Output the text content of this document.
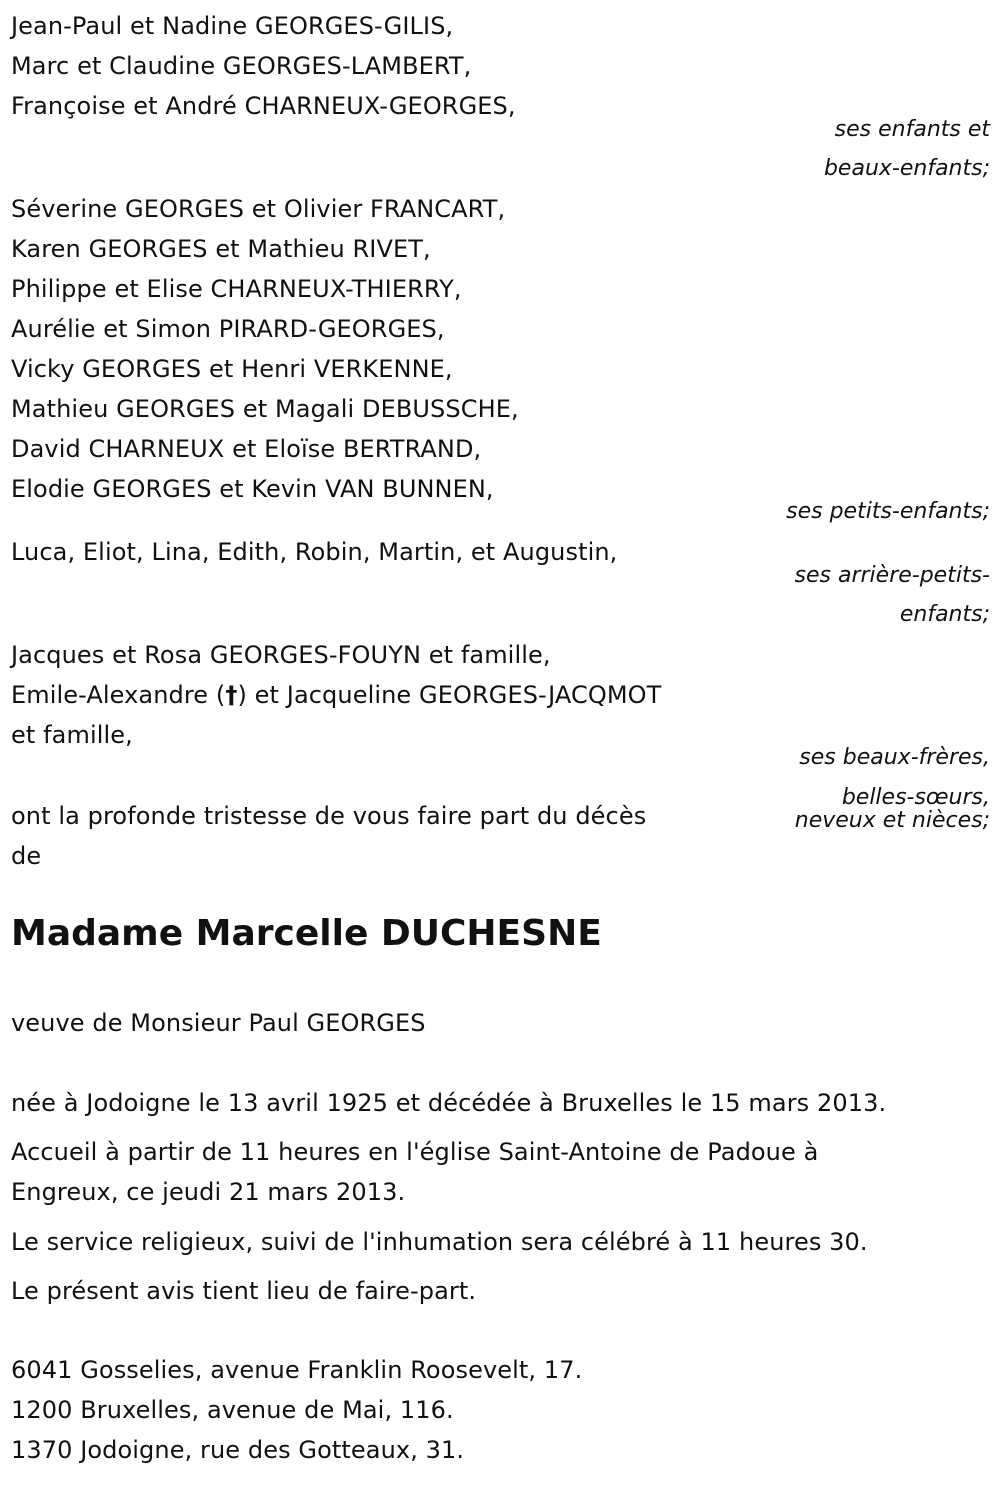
Jean-Paul et Nadine GEORGES-GILIS,
Marc et Claudine GEORGES-LAMBERT,
Françoise et André CHARNEUX-GEORGES,
ses enfants et
beaux-enfants;
Séverine GEORGES et Olivier FRANCART,
Karen GEORGES et Mathieu RIVET,
Philippe et Elise CHARNEUX-THIERRY,
Aurélie et Simon PIRARD-GEORGES,
Vicky GEORGES et Henri VERKENNE,
Mathieu GEORGES et Magali DEBUSSCHE,
David CHARNEUX et Eloïse BERTRAND,
Elodie GEORGES et Kevin VAN BUNNEN,
ses petits-enfants;
Luca, Eliot, Lina, Edith, Robin, Martin, et Augustin,
ses arrière-petits-
enfants;
Jacques et Rosa GEORGES-FOUYN et famille,
Emile-Alexandre (†) et Jacqueline GEORGES-JACQMOT
et famille,
ses beaux-frères,
belles-sœurs,
neveux et nièces;
ont la profonde tristesse de vous faire part du décès
de
Madame Marcelle DUCHESNE
veuve de Monsieur Paul GEORGES
née à Jodoigne le 13 avril 1925 et décédée à Bruxelles le 15 mars 2013.
Accueil à partir de 11 heures en l'église Saint-Antoine de Padoue à
Engreux, ce jeudi 21 mars 2013.
Le service religieux, suivi de l'inhumation sera célébré à 11 heures 30.
Le présent avis tient lieu de faire-part.
6041 Gosselies, avenue Franklin Roosevelt, 17.
1200 Bruxelles, avenue de Mai, 116.
1370 Jodoigne, rue des Gotteaux, 31.
